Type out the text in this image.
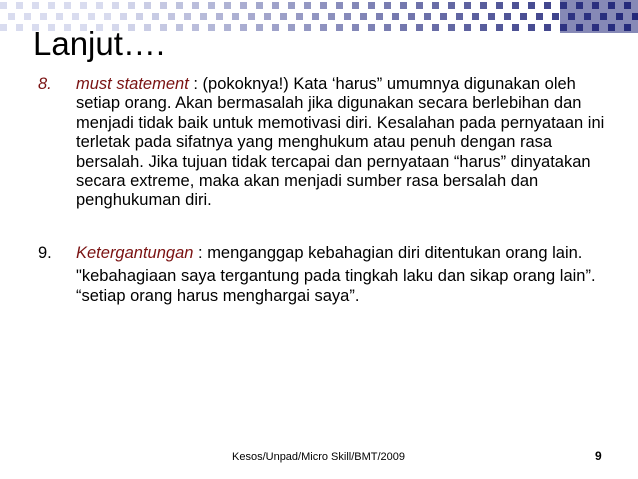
Lanjut….
8. must statement : (pokoknya!) Kata ‘harus” umumnya digunakan oleh setiap orang. Akan bermasalah jika digunakan secara berlebihan dan menjadi tidak baik untuk memotivasi diri. Kesalahan pada pernyataan ini terletak pada sifatnya yang menghukum atau penuh dengan rasa bersalah. Jika tujuan tidak tercapai dan pernyataan “harus” dinyatakan secara extreme, maka akan menjadi sumber rasa bersalah dan penghukuman diri.

9. Ketergantungan : menganggap kebahagian diri ditentukan orang lain.

"kebahagiaan saya tergantung pada tingkah laku dan sikap orang lain”. “setiap orang harus menghargai saya”.

Kesos/Unpad/Micro Skill/BMT/2009	9
